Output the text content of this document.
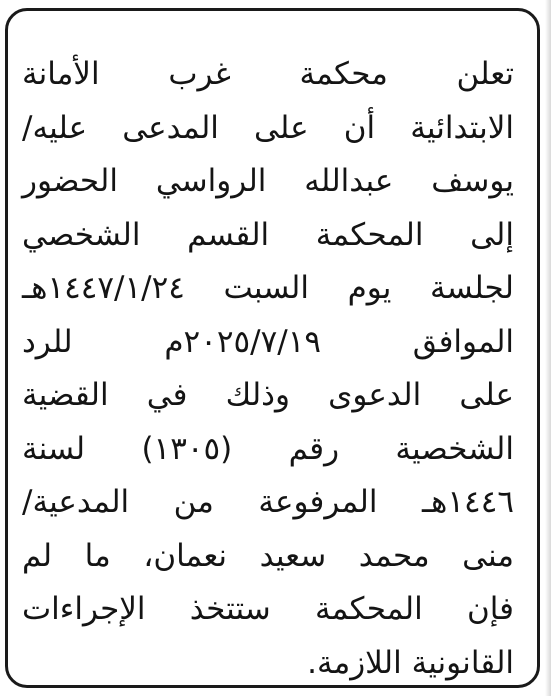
تعلن محكمة غرب الأمانة
الابتدائية أن على المدعى عليه/
يوسف عبدالله الرواسي الحضور
إلى المحكمة القسم الشخصي
لجلسة يوم السبت ١٤٤٧/١/٢٤هـ
الموافق ٢٠٢٥/٧/١٩م للرد
على الدعوى وذلك في القضية
الشخصية رقم (١٣٠٥) لسنة
١٤٤٦هـ المرفوعة من المدعية/
منى محمد سعيد نعمان، ما لم
فإن المحكمة ستتخذ الإجراءات
القانونية اللازمة.
